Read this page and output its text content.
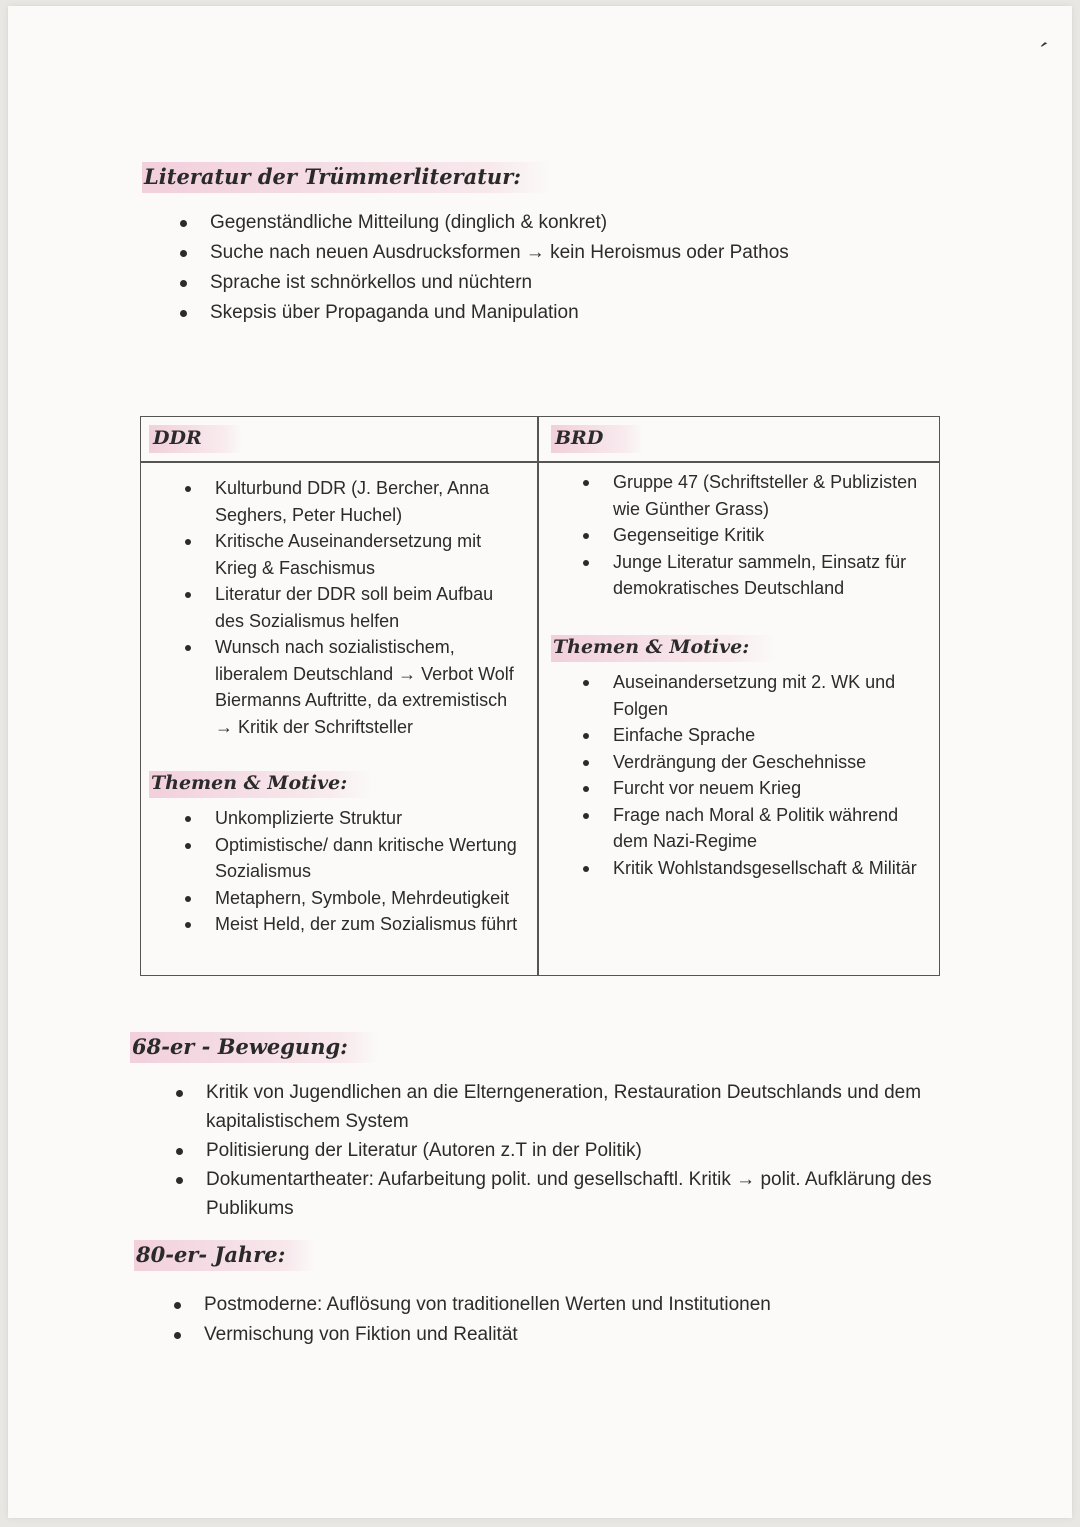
′
Literatur der Trümmerliteratur:
Gegenständliche Mitteilung (dinglich & konkret)
Suche nach neuen Ausdrucksformen → kein Heroismus oder Pathos
Sprache ist schnörkellos und nüchtern
Skepsis über Propaganda und Manipulation
DDR
Kulturbund DDR (J. Bercher, Anna Seghers, Peter Huchel)
Kritische Auseinandersetzung mit Krieg & Faschismus
Literatur der DDR soll beim Aufbau des Sozialismus helfen
Wunsch nach sozialistischem, liberalem Deutschland → Verbot Wolf Biermanns Auftritte, da extremistisch → Kritik der Schriftsteller
Themen & Motive:
Unkomplizierte Struktur
Optimistische/ dann kritische Wertung Sozialismus
Metaphern, Symbole, Mehrdeutigkeit
Meist Held, der zum Sozialismus führt
BRD
Gruppe 47 (Schriftsteller & Publizisten wie Günther Grass)
Gegenseitige Kritik
Junge Literatur sammeln, Einsatz für demokratisches Deutschland
Themen & Motive:
Auseinandersetzung mit 2. WK und Folgen
Einfache Sprache
Verdrängung der Geschehnisse
Furcht vor neuem Krieg
Frage nach Moral & Politik während dem Nazi-Regime
Kritik Wohlstandsgesellschaft & Militär
68-er - Bewegung:
Kritik von Jugendlichen an die Elterngeneration, Restauration Deutschlands und dem kapitalistischem System
Politisierung der Literatur (Autoren z.T in der Politik)
Dokumentartheater: Aufarbeitung polit. und gesellschaftl. Kritik → polit. Aufklärung des Publikums
80-er- Jahre:
Postmoderne: Auflösung von traditionellen Werten und Institutionen
Vermischung von Fiktion und Realität
